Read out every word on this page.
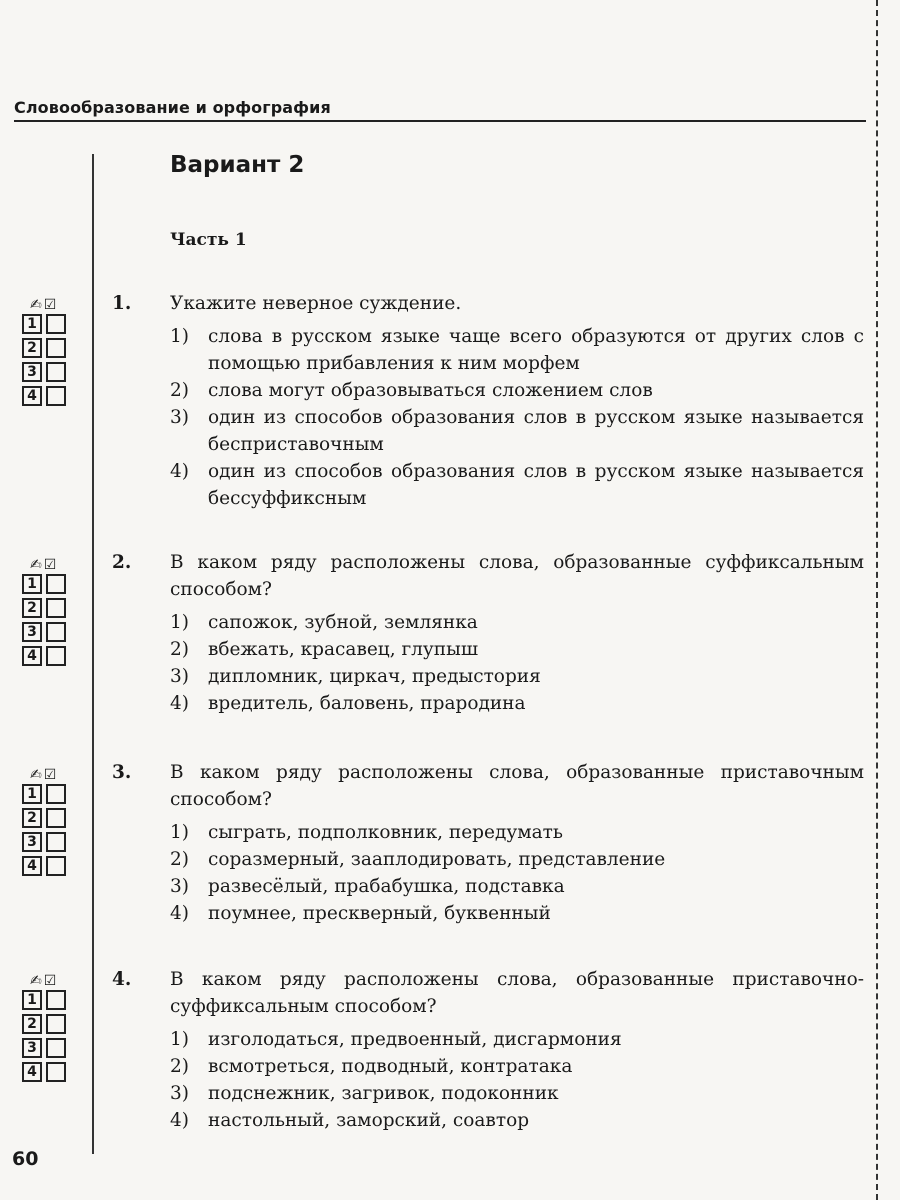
Словообразование и орфография
Вариант 2
Часть 1
✍☑
1
2
3
4
✍☑
1
2
3
4
✍☑
1
2
3
4
✍☑
1
2
3
4
1.	Укажите неверное суждение.
1)	слова в русском языке чаще всего образуются от других слов с помощью прибавления к ним морфем
2)	слова могут образовываться сложением слов
3)	один из способов образования слов в русском языке называется бесприставочным
4)	один из способов образования слов в русском языке называется бессуффиксным
2.	В каком ряду расположены слова, образованные суффиксальным способом?
1)	сапожок, зубной, землянка
2)	вбежать, красавец, глупыш
3)	дипломник, циркач, предыстория
4)	вредитель, баловень, прародина
3.	В каком ряду расположены слова, образованные приставочным способом?
1)	сыграть, подполковник, передумать
2)	соразмерный, зааплодировать, представление
3)	развесёлый, прабабушка, подставка
4)	поумнее, прескверный, буквенный
4.	В каком ряду расположены слова, образованные приставочно-суффиксальным способом?
1)	изголодаться, предвоенный, дисгармония
2)	всмотреться, подводный, контратака
3)	подснежник, загривок, подоконник
4)	настольный, заморский, соавтор
60
